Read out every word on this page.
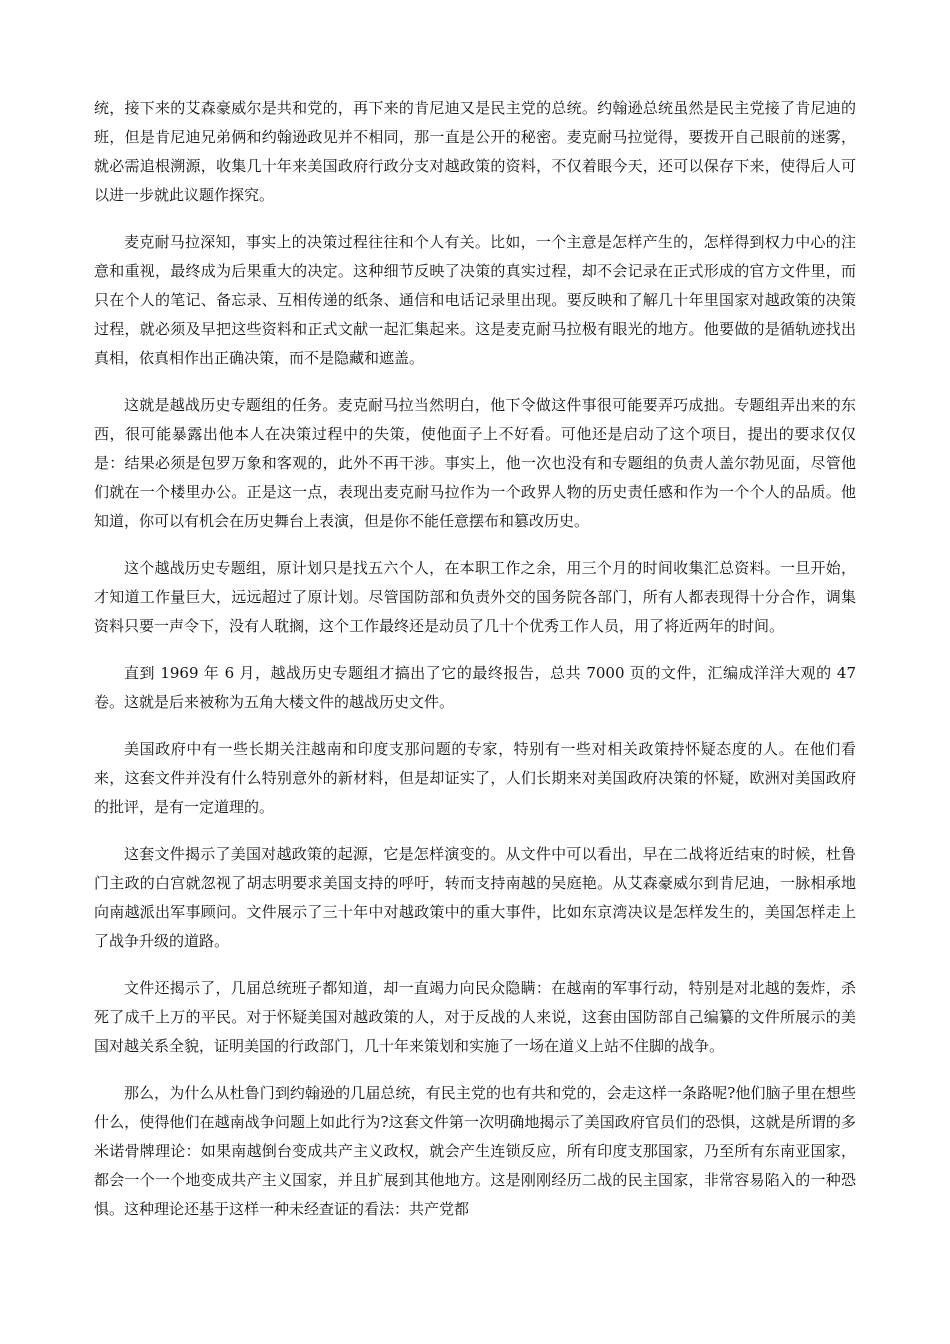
统，接下来的艾森豪威尔是共和党的，再下来的肯尼迪又是民主党的总统。约翰逊总统虽然是民主党接了肯尼迪的班，但是肯尼迪兄弟俩和约翰逊政见并不相同，那一直是公开的秘密。麦克耐马拉觉得，要拨开自己眼前的迷雾，就必需追根溯源，收集几十年来美国政府行政分支对越政策的资料，不仅着眼今天，还可以保存下来，使得后人可以进一步就此议题作探究。

麦克耐马拉深知，事实上的决策过程往往和个人有关。比如，一个主意是怎样产生的，怎样得到权力中心的注意和重视，最终成为后果重大的决定。这种细节反映了决策的真实过程，却不会记录在正式形成的官方文件里，而只在个人的笔记、备忘录、互相传递的纸条、通信和电话记录里出现。要反映和了解几十年里国家对越政策的决策过程，就必须及早把这些资料和正式文献一起汇集起来。这是麦克耐马拉极有眼光的地方。他要做的是循轨迹找出真相，依真相作出正确决策，而不是隐藏和遮盖。

这就是越战历史专题组的任务。麦克耐马拉当然明白，他下令做这件事很可能要弄巧成拙。专题组弄出来的东西，很可能暴露出他本人在决策过程中的失策，使他面子上不好看。可他还是启动了这个项目，提出的要求仅仅是：结果必须是包罗万象和客观的，此外不再干涉。事实上，他一次也没有和专题组的负责人盖尔勃见面，尽管他们就在一个楼里办公。正是这一点，表现出麦克耐马拉作为一个政界人物的历史责任感和作为一个个人的品质。他知道，你可以有机会在历史舞台上表演，但是你不能任意摆布和篡改历史。

这个越战历史专题组，原计划只是找五六个人，在本职工作之余，用三个月的时间收集汇总资料。一旦开始，才知道工作量巨大，远远超过了原计划。尽管国防部和负责外交的国务院各部门，所有人都表现得十分合作，调集资料只要一声令下，没有人耽搁，这个工作最终还是动员了几十个优秀工作人员，用了将近两年的时间。

直到 1969 年 6 月，越战历史专题组才搞出了它的最终报告，总共 7000 页的文件，汇编成洋洋大观的 47 卷。这就是后来被称为五角大楼文件的越战历史文件。

美国政府中有一些长期关注越南和印度支那问题的专家，特别有一些对相关政策持怀疑态度的人。在他们看来，这套文件并没有什么特别意外的新材料，但是却证实了，人们长期来对美国政府决策的怀疑，欧洲对美国政府的批评，是有一定道理的。

这套文件揭示了美国对越政策的起源，它是怎样演变的。从文件中可以看出，早在二战将近结束的时候，杜鲁门主政的白宫就忽视了胡志明要求美国支持的呼吁，转而支持南越的吴庭艳。从艾森豪威尔到肯尼迪，一脉相承地向南越派出军事顾问。文件展示了三十年中对越政策中的重大事件，比如东京湾决议是怎样发生的，美国怎样走上了战争升级的道路。

文件还揭示了，几届总统班子都知道，却一直竭力向民众隐瞒：在越南的军事行动，特别是对北越的轰炸，杀死了成千上万的平民。对于怀疑美国对越政策的人，对于反战的人来说，这套由国防部自己编纂的文件所展示的美国对越关系全貌，证明美国的行政部门，几十年来策划和实施了一场在道义上站不住脚的战争。

那么，为什么从杜鲁门到约翰逊的几届总统，有民主党的也有共和党的，会走这样一条路呢?他们脑子里在想些什么，使得他们在越南战争问题上如此行为?这套文件第一次明确地揭示了美国政府官员们的恐惧，这就是所谓的多米诺骨牌理论：如果南越倒台变成共产主义政权，就会产生连锁反应，所有印度支那国家，乃至所有东南亚国家，都会一个一个地变成共产主义国家，并且扩展到其他地方。这是刚刚经历二战的民主国家，非常容易陷入的一种恐惧。这种理论还基于这样一种未经查证的看法：共产党都
